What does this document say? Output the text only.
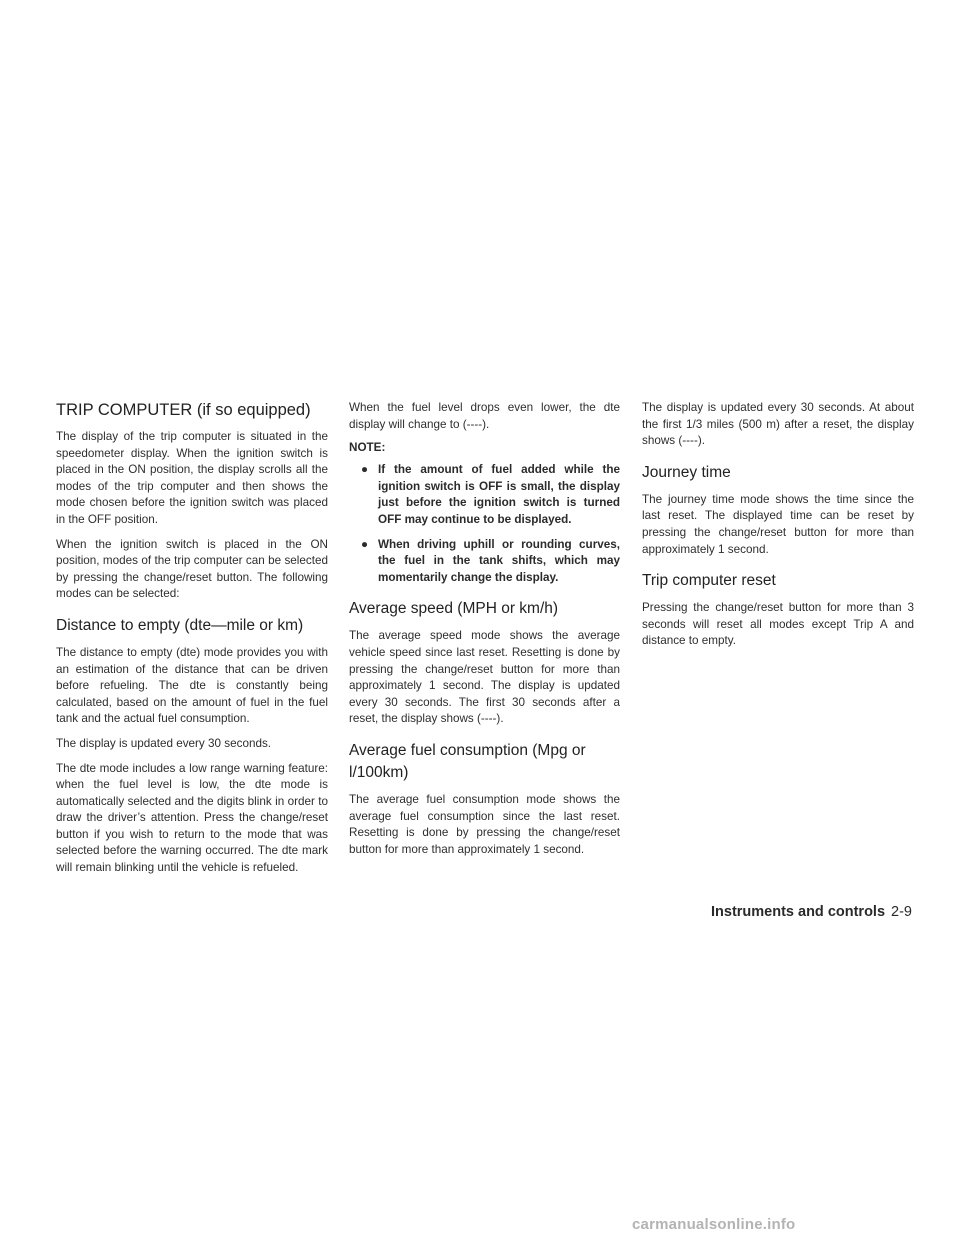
TRIP COMPUTER (if so equipped)

The display of the trip computer is situated in the speedometer display. When the ignition switch is placed in the ON position, the display scrolls all the modes of the trip computer and then shows the mode chosen before the ignition switch was placed in the OFF position.

When the ignition switch is placed in the ON position, modes of the trip computer can be selected by pressing the change/reset button. The following modes can be selected:

Distance to empty (dte—mile or km)

The distance to empty (dte) mode provides you with an estimation of the distance that can be driven before refueling. The dte is constantly being calculated, based on the amount of fuel in the fuel tank and the actual fuel consumption.

The display is updated every 30 seconds.

The dte mode includes a low range warning feature: when the fuel level is low, the dte mode is automatically selected and the digits blink in order to draw the driver’s attention. Press the change/reset button if you wish to return to the mode that was selected before the warning occurred. The dte mark will remain blinking until the vehicle is refueled.

When the fuel level drops even lower, the dte display will change to (----).

NOTE:
● If the amount of fuel added while the ignition switch is OFF is small, the display just before the ignition switch is turned OFF may continue to be displayed.
● When driving uphill or rounding curves, the fuel in the tank shifts, which may momentarily change the display.
Average speed (MPH or km/h)

The average speed mode shows the average vehicle speed since last reset. Resetting is done by pressing the change/reset button for more than approximately 1 second. The display is updated every 30 seconds. The first 30 seconds after a reset, the display shows (----).

Average fuel consumption (Mpg or l/100km)

The average fuel consumption mode shows the average fuel consumption since the last reset. Resetting is done by pressing the change/reset button for more than approximately 1 second.

The display is updated every 30 seconds. At about the first 1/3 miles (500 m) after a reset, the display shows (----).

Journey time

The journey time mode shows the time since the last reset. The displayed time can be reset by pressing the change/reset button for more than approximately 1 second.

Trip computer reset

Pressing the change/reset button for more than 3 seconds will reset all modes except Trip A and distance to empty.

Instruments and controls 2-9
carmanualsonline.info
